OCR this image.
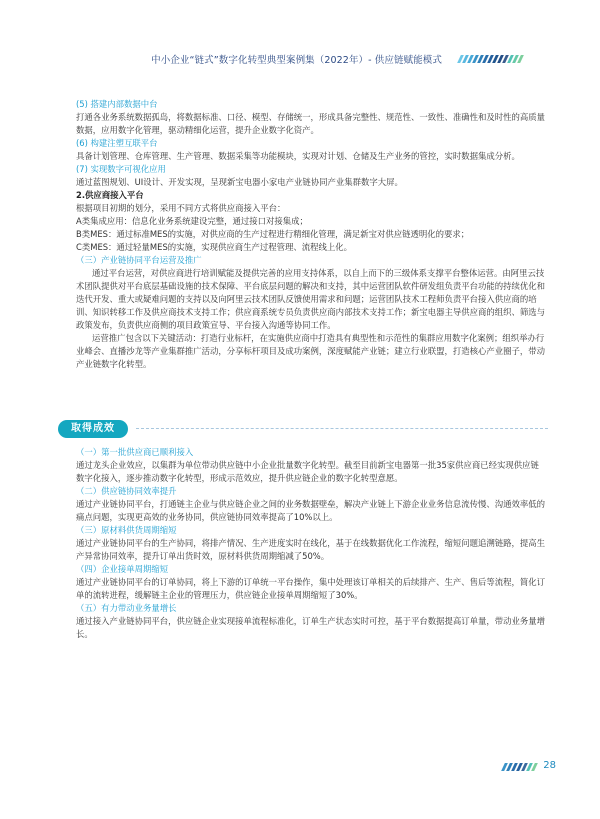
中小企业“链式”数字化转型典型案例集（2022年）- 供应链赋能模式

(5) 搭建内部数据中台

打通各业务系统数据孤岛，将数据标准、口径、模型、存储统一，形成具备完整性、规范性、一致性、准确性和及时性的高质量数据，应用数字化管理，驱动精细化运营，提升企业数字化资产。

(6) 构建注塑互联平台

具备计划管理、仓库管理、生产管理、数据采集等功能模块，实现对计划、仓储及生产业务的管控，实时数据集成分析。

(7) 实现数字可视化应用

通过蓝图规划、UI设计、开发实现，呈现新宝电器小家电产业链协同产业集群数字大屏。

2.供应商接入平台

根据项目初期的划分，采用不同方式将供应商接入平台：

A类集成应用：信息化业务系统建设完整，通过接口对接集成；

B类MES：通过标准MES的实施，对供应商的生产过程进行精细化管理，满足新宝对供应链透明化的要求；

C类MES：通过轻量MES的实施，实现供应商生产过程管理、流程线上化。

（三）产业链协同平台运营及推广

通过平台运营，对供应商进行培训赋能及提供完善的应用支持体系，以自上而下的三级体系支撑平台整体运营。由阿里云技术团队提供对平台底层基础设施的技术保障、平台底层问题的解决和支持，其中运营团队软件研发组负责平台功能的持续优化和迭代开发、重大或疑难问题的支持以及向阿里云技术团队反馈使用需求和问题；运营团队技术工程师负责平台接入供应商的培训、知识转移工作及供应商技术支持工作；供应商系统专员负责供应商内部技术支持工作；新宝电器主导供应商的组织、筛选与政策发布，负责供应商侧的项目政策宣导、平台接入沟通等协同工作。

运营推广包含以下关键活动：打造行业标杆，在实施供应商中打造具有典型性和示范性的集群应用数字化案例；组织举办行业峰会、直播沙龙等产业集群推广活动，分享标杆项目及成功案例，深度赋能产业链；建立行业联盟，打造核心产业圈子，带动产业链数字化转型。

取得成效

（一）第一批供应商已顺利接入

通过龙头企业效应，以集群为单位带动供应链中小企业批量数字化转型。截至目前新宝电器第一批35家供应商已经实现供应链数字化接入，逐步推动数字化转型，形成示范效应，提升供应链企业的数字化转型意愿。

（二）供应链协同效率提升

通过产业链协同平台，打通链主企业与供应链企业之间的业务数据壁垒，解决产业链上下游企业业务信息流传慢、沟通效率低的痛点问题，实现更高效的业务协同，供应链协同效率提高了10%以上。

（三）原材料供货周期缩短

通过产业链协同平台的生产协同，将排产情况、生产进度实时在线化，基于在线数据优化工作流程，缩短问题追溯链路，提高生产异常协同效率，提升订单出货时效，原材料供货周期缩减了50%。

（四）企业接单周期缩短

通过产业链协同平台的订单协同，将上下游的订单统一平台操作，集中处理该订单相关的后续排产、生产、售后等流程，简化订单的流转进程，缓解链主企业的管理压力，供应链企业接单周期缩短了30%。

（五）有力带动业务量增长

通过接入产业链协同平台，供应链企业实现接单流程标准化，订单生产状态实时可控，基于平台数据提高订单量，带动业务量增长。

28
